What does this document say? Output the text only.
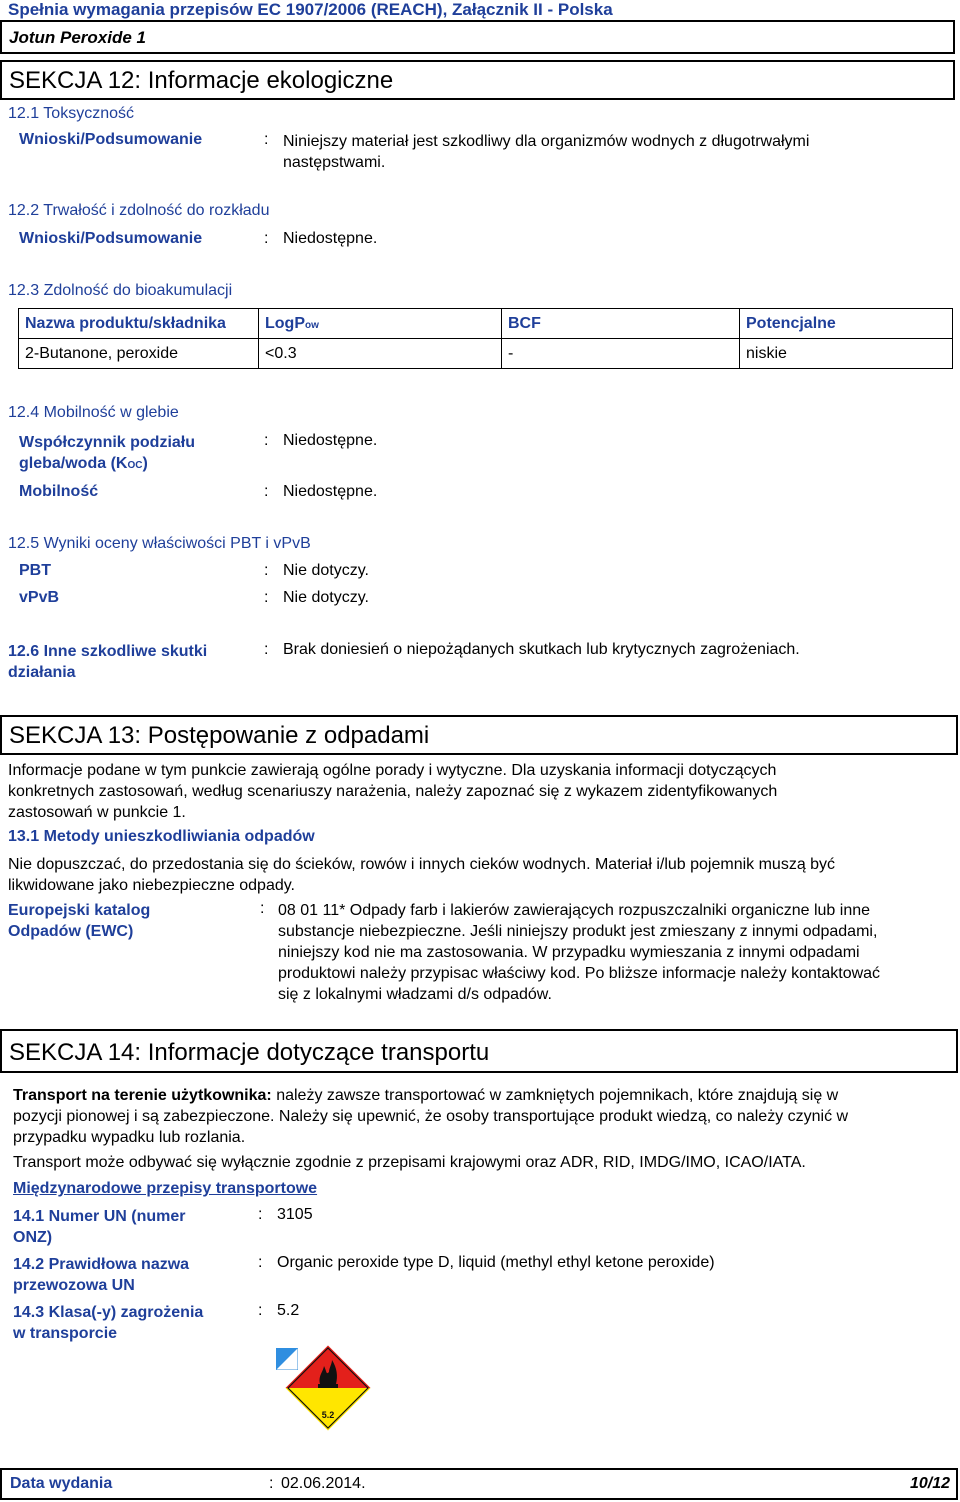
Spełnia wymagania przepisów EC 1907/2006 (REACH), Załącznik II - Polska
Jotun Peroxide 1
SEKCJA 12: Informacje ekologiczne
12.1 Toksyczność
Wnioski/Podsumowanie	: Niniejszy materiał jest szkodliwy dla organizmów wodnych z długotrwałymi
następstwami.
12.2 Trwałość i zdolność do rozkładu
Wnioski/Podsumowanie	: Niedostępne.
12.3 Zdolność do bioakumulacji
Nazwa produktu/składnika	LogPow	BCF	Potencjalne
2-Butanone, peroxide	<0.3	-	niskie
12.4 Mobilność w glebie
Współczynnik podziału
gleba/woda (KOC)
: Niedostępne.
Mobilność	: Niedostępne.
12.5 Wyniki oceny właściwości PBT i vPvB
PBT	: Nie dotyczy.
vPvB	: Nie dotyczy.
12.6 Inne szkodliwe skutki
działania
: Brak doniesień o niepożądanych skutkach lub krytycznych zagrożeniach.
SEKCJA 13: Postępowanie z odpadami
Informacje podane w tym punkcie zawierają ogólne porady i wytyczne. Dla uzyskania informacji dotyczących
konkretnych zastosowań, według scenariuszy narażenia, należy zapoznać się z wykazem zidentyfikowanych
zastosowań w punkcie 1.
13.1 Metody unieszkodliwiania odpadów
Nie dopuszczać, do przedostania się do ścieków, rowów i innych cieków wodnych. Materiał i/lub pojemnik muszą być
likwidowane jako niebezpieczne odpady.
Europejski katalog
Odpadów (EWC)
: 08 01 11* Odpady farb i lakierów zawierających rozpuszczalniki organiczne lub inne
substancje niebezpieczne. Jeśli niniejszy produkt jest zmieszany z innymi odpadami,
niniejszy kod nie ma zastosowania. W przypadku wymieszania z innymi odpadami
produktowi należy przypisac właściwy kod. Po bliższe informacje należy kontaktować
się z lokalnymi władzami d/s odpadów.
SEKCJA 14: Informacje dotyczące transportu
Transport na terenie użytkownika: należy zawsze transportować w zamkniętych pojemnikach, które znajdują się w
pozycji pionowej i są zabezpieczone. Należy się upewnić, że osoby transportujące produkt wiedzą, co należy czynić w
przypadku wypadku lub rozlania.
Transport może odbywać się wyłącznie zgodnie z przepisami krajowymi oraz ADR, RID, IMDG/IMO, ICAO/IATA.
Międzynarodowe przepisy transportowe
14.1 Numer UN (numer
ONZ)
: 3105
14.2 Prawidłowa nazwa
przewozowa UN
: Organic peroxide type D, liquid (methyl ethyl ketone peroxide)
14.3 Klasa(-y) zagrożenia
w transporcie
: 5.2
5.2
Data wydania	: 02.06.2014.	10/12
